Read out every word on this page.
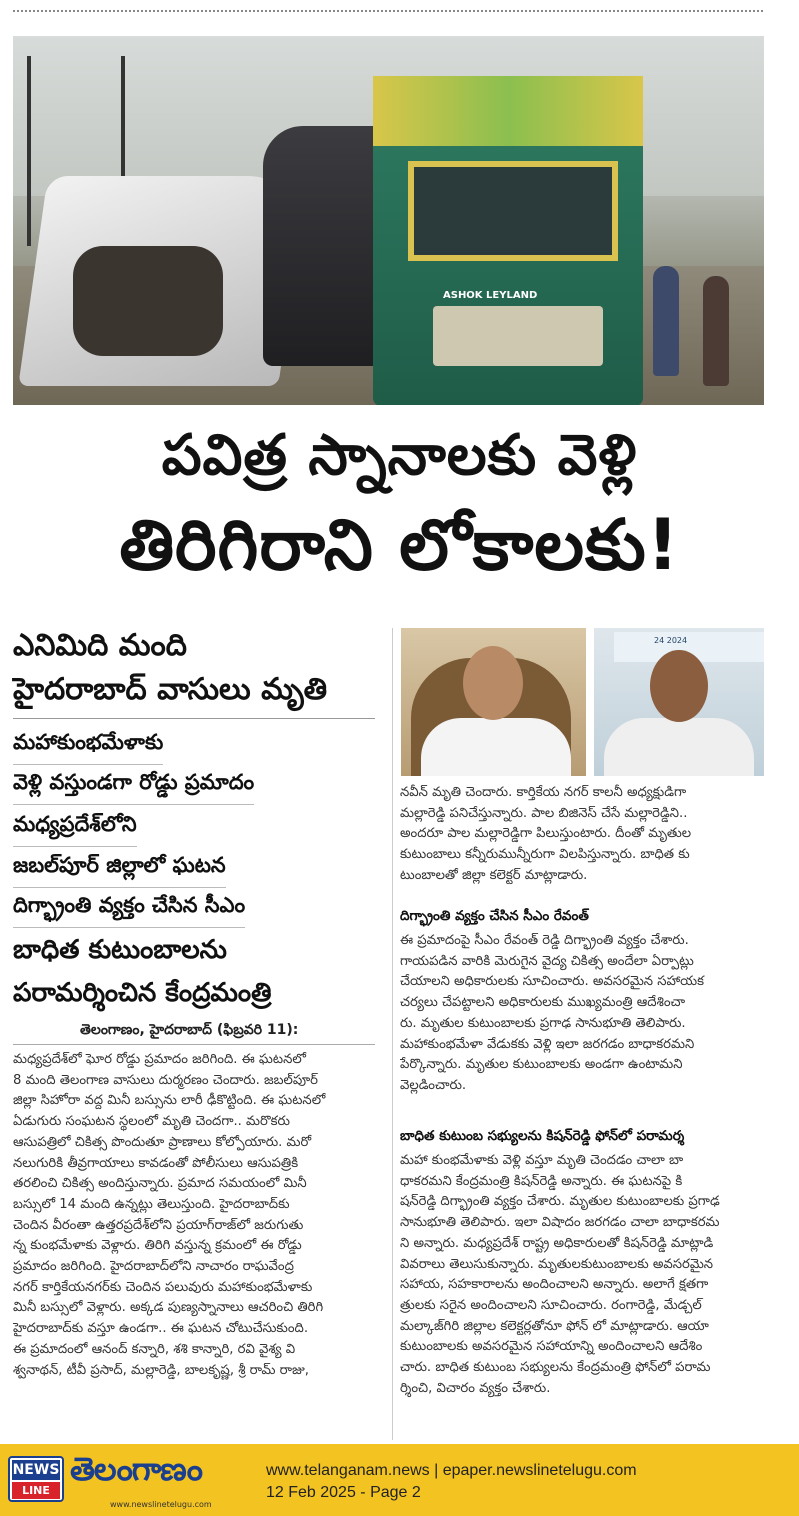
ASHOK LEYLAND
పవిత్ర స్నానాలకు వెళ్లి
తిరిగిరాని లోకాలకు!
ఎనిమిది మంది
హైదరాబాద్ వాసులు మృతి
మహాకుంభమేళాకు
వెళ్లి వస్తుండగా రోడ్డు ప్రమాదం
మధ్యప్రదేశ్‌లోని
జబల్‌పూర్ జిల్లాలో ఘటన
దిగ్భ్రాంతి వ్యక్తం చేసిన సీఎం
బాధిత కుటుంబాలను
పరామర్శించిన కేంద్రమంత్రి
తెలంగాణం, హైదరాబాద్ (ఫిబ్రవరి 11):
మధ్యప్రదేశ్‌లో ఘోర రోడ్డు ప్రమాదం జరిగింది. ఈ ఘటనలో
8 మంది తెలంగాణ వాసులు దుర్మరణం చెందారు. జబల్‌పూర్
జిల్లా సిహోరా వద్ద మినీ బస్సును లారీ ఢీకొట్టింది. ఈ ఘటనలో
ఏడుగురు సంఘటన స్థలంలో మృతి చెందగా.. మరొకరు
ఆసుపత్రిలో చికిత్స పొందుతూ ప్రాణాలు కోల్పోయారు. మరో
నలుగురికి తీవ్రగాయాలు కావడంతో పోలీసులు ఆసుపత్రికి
తరలించి చికిత్స అందిస్తున్నారు. ప్రమాద సమయంలో మినీ
బస్సులో 14 మంది ఉన్నట్లు తెలుస్తుంది. హైదరాబాద్‌కు
చెందిన వీరంతా ఉత్తరప్రదేశ్‌లోని ప్రయాగ్‌రాజ్‌లో జరుగుతు
న్న కుంభమేళాకు వెళ్లారు. తిరిగి వస్తున్న క్రమంలో ఈ రోడ్డు
ప్రమాదం జరిగింది. హైదరాబాద్‌లోని నాచారం రాఘవేంద్ర
నగర్ కార్తికేయనగర్‌కు చెందిన పలువురు మహాకుంభమేళాకు
మినీ బస్సులో వెళ్లారు. అక్కడ పుణ్యస్నానాలు ఆచరించి తిరిగి
హైదరాబాద్‌కు వస్తూ ఉండగా.. ఈ ఘటన చోటుచేసుకుంది.
ఈ ప్రమాదంలో ఆనంద్ కన్నారి, శశి కాన్నారి, రవి వైశ్య వి
శ్వనాథన్, టీవీ ప్రసాద్, మల్లారెడ్డి, బాలకృష్ణ, శ్రీ రామ్ రాజు,
24 2024
నవీన్ మృతి చెందారు. కార్తికేయ నగర్ కాలనీ అధ్యక్షుడిగా
మల్లారెడ్డి పనిచేస్తున్నారు. పాల బిజినెస్ చేసే మల్లారెడ్డిని..
అందరూ పాల మల్లారెడ్డిగా పిలుస్తుంటారు. దీంతో మృతుల
కుటుంబాలు కన్నీరుమున్నీరుగా విలపిస్తున్నారు. బాధిత కు
టుంబాలతో జిల్లా కలెక్టర్ మాట్లాడారు.
దిగ్భ్రాంతి వ్యక్తం చేసిన సీఎం రేవంత్
ఈ ప్రమాదంపై సీఎం రేవంత్ రెడ్డి దిగ్భ్రాంతి వ్యక్తం చేశారు.
గాయపడిన వారికి మెరుగైన వైద్య చికిత్స అందేలా ఏర్పాట్లు
చేయాలని అధికారులకు సూచించారు. అవసరమైన సహాయక
చర్యలు చేపట్టాలని అధికారులకు ముఖ్యమంత్రి ఆదేశించా
రు. మృతుల కుటుంబాలకు ప్రగాఢ సానుభూతి తెలిపారు.
మహాకుంభమేళా వేడుకకు వెళ్లి ఇలా జరగడం బాధాకరమని
పేర్కొన్నారు. మృతుల కుటుంబాలకు అండగా ఉంటామని
వెల్లడించారు.
బాధిత కుటుంబ సభ్యులను కిషన్‌రెడ్డి ఫోన్‌లో పరామర్శ
మహా కుంభమేళాకు వెళ్లి వస్తూ మృతి చెందడం చాలా బా
ధాకరమని కేంద్రమంత్రి కిషన్‌రెడ్డి అన్నారు. ఈ ఘటనపై కి
షన్‌రెడ్డి దిగ్భ్రాంతి వ్యక్తం చేశారు. మృతుల కుటుంబాలకు ప్రగాఢ
సానుభూతి తెలిపారు. ఇలా విషాదం జరగడం చాలా బాధాకరమ
ని అన్నారు. మధ్యప్రదేశ్ రాష్ట్ర అధికారులతో కిషన్‌రెడ్డి మాట్లాడి
వివరాలు తెలుసుకున్నారు. మృతులకుటుంబాలకు అవసరమైన
సహాయ, సహకారాలను అందించాలని అన్నారు. అలాగే క్షతగా
త్రులకు సరైన అందించాలని సూచించారు. రంగారెడ్డి, మేడ్చల్
మల్కాజ్‌గిరి జిల్లాల కలెక్టర్లతోనూ ఫోన్ లో మాట్లాడారు. ఆయా
కుటుంబాలకు అవసరమైన సహాయాన్ని అందించాలని ఆదేశిం
చారు. బాధిత కుటుంబ సభ్యులను కేంద్రమంత్రి ఫోన్‌లో పరామ
ర్శించి, విచారం వ్యక్తం చేశారు.
NEWS
LINE
తెలంగాణం
www.newslinetelugu.com
www.telanganam.news | epaper.newslinetelugu.com
12 Feb 2025 - Page 2
